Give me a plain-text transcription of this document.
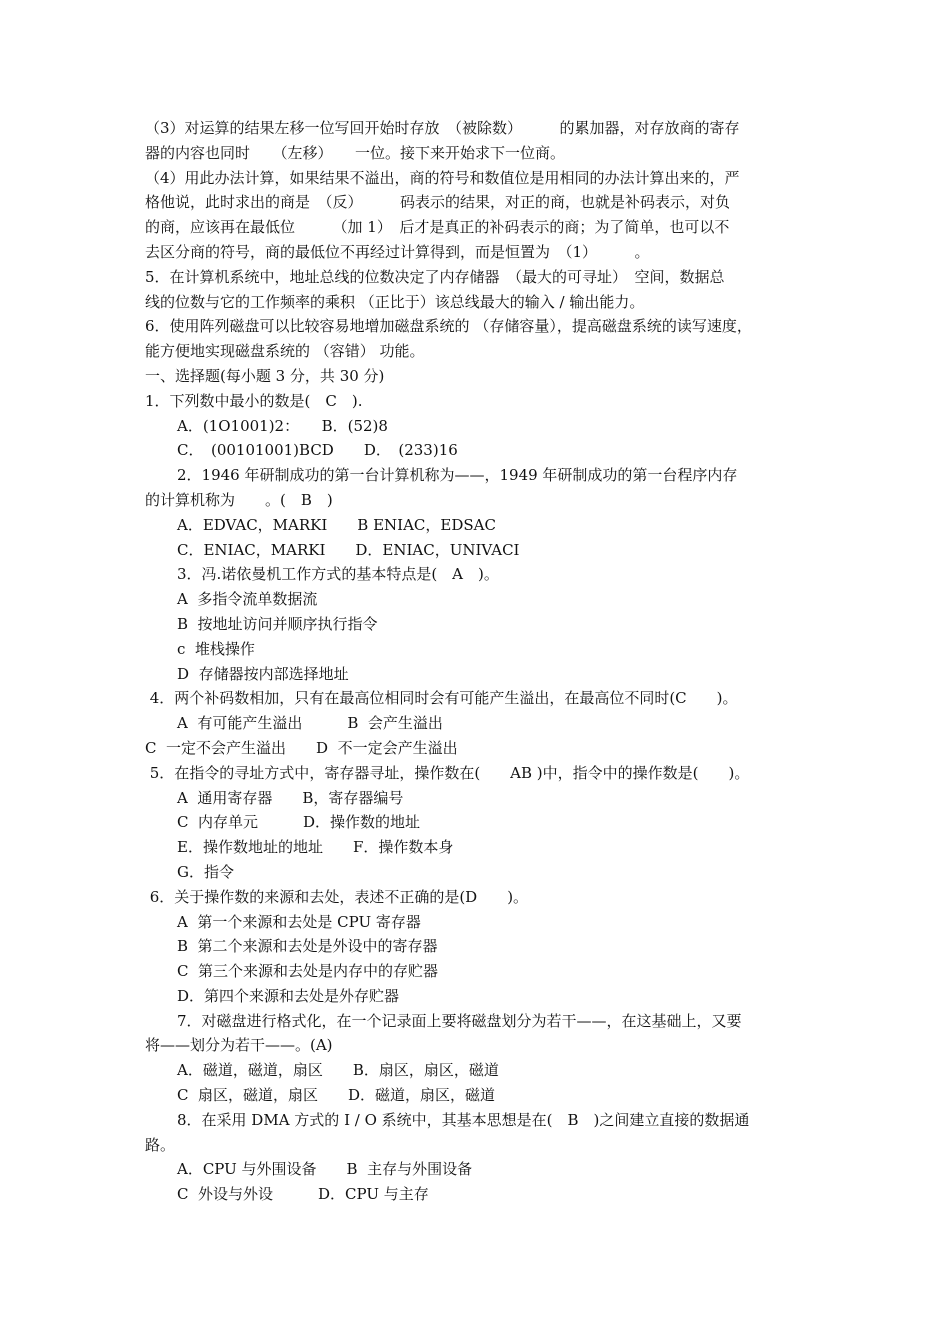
（3）对运算的结果左移一位写回开始时存放　（被除数）　　　的累加器，对存放商的寄存
器的内容也同时　　（左移）　　一位。接下来开始求下一位商。
（4）用此办法计算，如果结果不溢出，商的符号和数值位是用相同的办法计算出来的，严
格他说，此时求出的商是　（反）　　　码表示的结果，对正的商，也就是补码表示，对负
的商，应该再在最低位　　　（加 1）　后才是真正的补码表示的商；为了简单，也可以不
去区分商的符号，商的最低位不再经过计算得到，而是恒置为　（1）　　　。
5．在计算机系统中，地址总线的位数决定了内存储器　（最大的可寻址）　空间，数据总
线的位数与它的工作频率的乘积 （正比于）该总线最大的输入 / 输出能力。
6．使用阵列磁盘可以比较容易地增加磁盘系统的 （存储容量），提高磁盘系统的读写速度，
能方便地实现磁盘系统的 （容错） 功能。
一、选择题(每小题 3 分，共 30 分)
1．下列数中最小的数是(　C　).
A．(1O1001)2：　　B．(52)8
C．　(00101001)BCD　　D．　(233)16
2．1946 年研制成功的第一台计算机称为——，1949 年研制成功的第一台程序内存
的计算机称为　　。(　B　)
A．EDVAC，MARKI　　B ENIAC，EDSAC
C．ENIAC，MARKI　　D．ENIAC，UNIVACI
3．冯.诺依曼机工作方式的基本特点是(　A　)。
A  多指令流单数据流
B  按地址访问并顺序执行指令
c  堆栈操作
D  存储器按内部选择地址
4．两个补码数相加，只有在最高位相同时会有可能产生溢出，在最高位不同时(C　　)。
A  有可能产生溢出　　　B  会产生溢出
C  一定不会产生溢出　　D  不一定会产生溢出
5．在指令的寻址方式中，寄存器寻址，操作数在(　　AB )中，指令中的操作数是(　　)。
A  通用寄存器　　B，寄存器编号
C  内存单元　　　D．操作数的地址
E．操作数地址的地址　　F．操作数本身
G．指令
6．关于操作数的来源和去处，表述不正确的是(D　　)。
A  第一个来源和去处是 CPU 寄存器
B  第二个来源和去处是外设中的寄存器
C  第三个来源和去处是内存中的存贮器
D．第四个来源和去处是外存贮器
7．对磁盘进行格式化，在一个记录面上要将磁盘划分为若干——，在这基础上，又要
将——划分为若干——。(A)
A．磁道，磁道，扇区　　B．扇区，扇区，磁道
C  扇区，磁道，扇区　　D．磁道，扇区，磁道
8．在采用 DMA 方式的 I / O 系统中，其基本思想是在(　B　)之间建立直接的数据通
路。
A．CPU 与外围设备　　B  主存与外围设备
C  外设与外设　　　D．CPU 与主存
